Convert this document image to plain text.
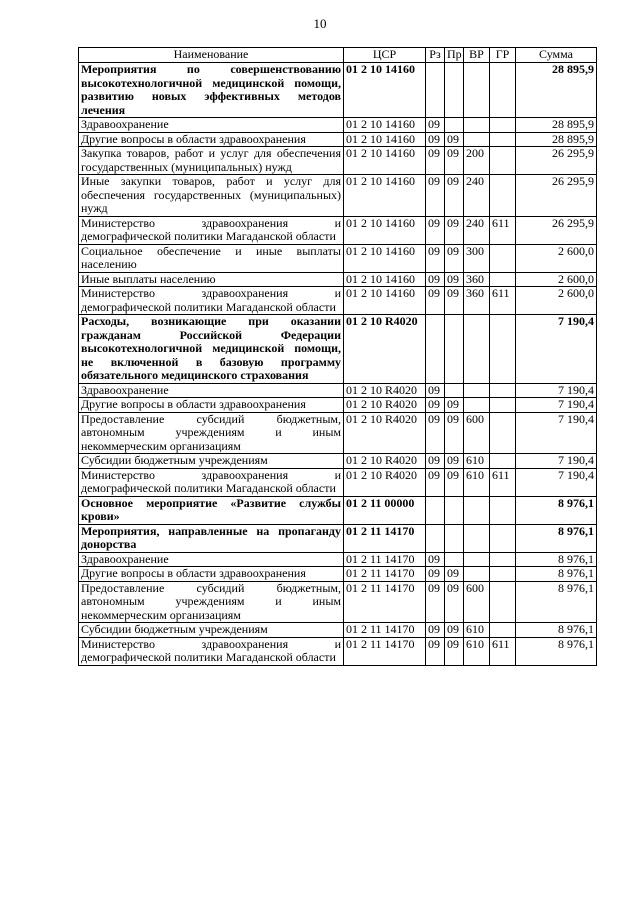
10
Наименование	ЦСР	Рз	Пр	ВР	ГР	Сумма
Мероприятия по совершенствованию высокотехнологичной медицинской помощи, развитию новых эффективных методов лечения	01 2 10 14160					28 895,9
Здравоохранение	01 2 10 14160	09				28 895,9
Другие вопросы в области здравоохранения	01 2 10 14160	09	09			28 895,9
Закупка товаров, работ и услуг для обеспечения государственных (муниципальных) нужд	01 2 10 14160	09	09	200		26 295,9
Иные закупки товаров, работ и услуг для обеспечения государственных (муниципальных) нужд	01 2 10 14160	09	09	240		26 295,9
Министерство здравоохранения и демографической политики Магаданской области	01 2 10 14160	09	09	240	611	26 295,9
Социальное обеспечение и иные выплаты населению	01 2 10 14160	09	09	300		2 600,0
Иные выплаты населению	01 2 10 14160	09	09	360		2 600,0
Министерство здравоохранения и демографической политики Магаданской области	01 2 10 14160	09	09	360	611	2 600,0
Расходы, возникающие при оказании гражданам Российской Федерации высокотехнологичной медицинской помощи, не включенной в базовую программу обязательного медицинского страхования	01 2 10 R4020					7 190,4
Здравоохранение	01 2 10 R4020	09				7 190,4
Другие вопросы в области здравоохранения	01 2 10 R4020	09	09			7 190,4
Предоставление субсидий бюджетным, автономным учреждениям и иным некоммерческим организациям	01 2 10 R4020	09	09	600		7 190,4
Субсидии бюджетным учреждениям	01 2 10 R4020	09	09	610		7 190,4
Министерство здравоохранения и демографической политики Магаданской области	01 2 10 R4020	09	09	610	611	7 190,4
Основное мероприятие «Развитие службы крови»	01 2 11 00000					8 976,1
Мероприятия, направленные на пропаганду донорства	01 2 11 14170					8 976,1
Здравоохранение	01 2 11 14170	09				8 976,1
Другие вопросы в области здравоохранения	01 2 11 14170	09	09			8 976,1
Предоставление субсидий бюджетным, автономным учреждениям и иным некоммерческим организациям	01 2 11 14170	09	09	600		8 976,1
Субсидии бюджетным учреждениям	01 2 11 14170	09	09	610		8 976,1
Министерство здравоохранения и демографической политики Магаданской области	01 2 11 14170	09	09	610	611	8 976,1
